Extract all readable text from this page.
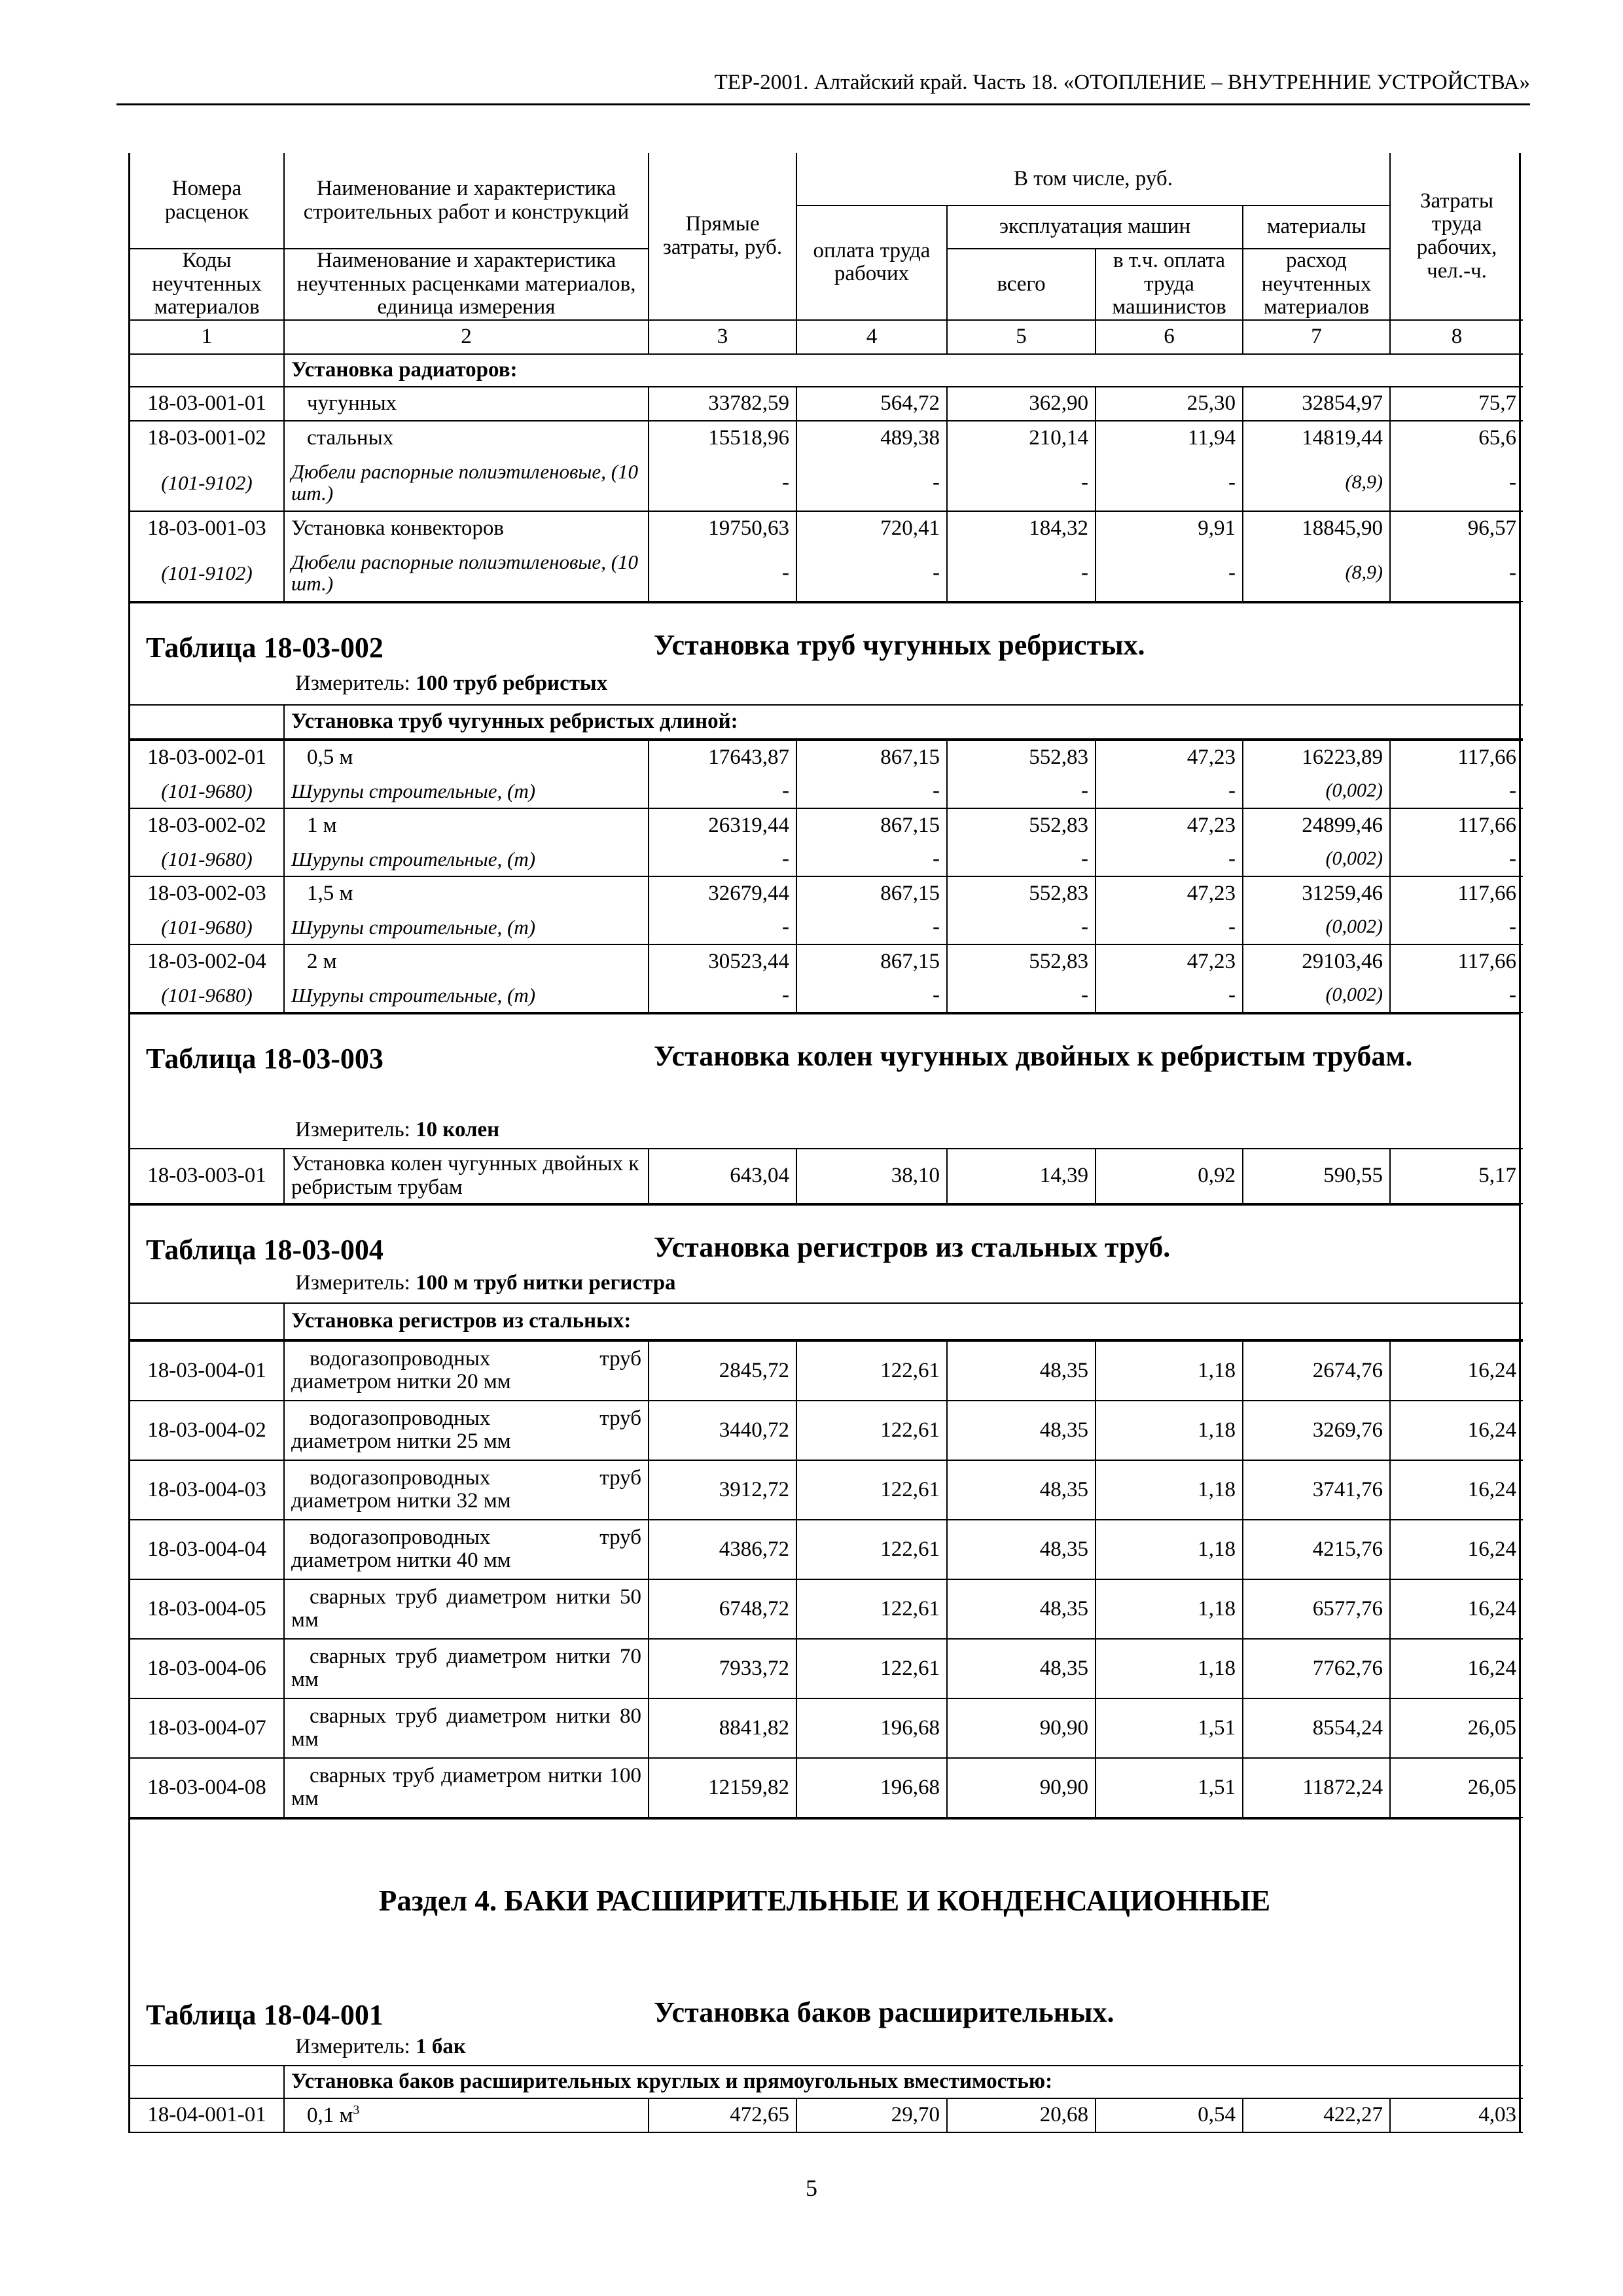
ТЕР-2001. Алтайский край. Часть 18. «ОТОПЛЕНИЕ – ВНУТРЕННИЕ УСТРОЙСТВА»
Номера расценок	Наименование и характеристика строительных работ и конструкций	Прямые затраты, руб.	В том числе, руб.				Затраты труда рабочих, чел.-ч.
			оплата труда рабочих	эксплуатация машин		материалы	
Коды неучтенных материалов	Наименование и характеристика неучтенных расценками материалов, единица измерения			всего	в т.ч. оплата труда машинистов	расход неучтенных материалов	

1	2	3	4	5	6	7	8
	Установка радиаторов:						
18-03-001-01	чугунных	33782,59	564,72	362,90	25,30	32854,97	75,7
18-03-001-02	стальных	15518,96	489,38	210,14	11,94	14819,44	65,6
(101-9102)	Дюбели распорные полиэтиленовые, (10 шт.)	-	-	-	-	(8,9)	-
18-03-001-03	Установка конвекторов	19750,63	720,41	184,32	9,91	18845,90	96,57
(101-9102)	Дюбели распорные полиэтиленовые, (10 шт.)	-	-	-	-	(8,9)	-
Таблица 18-03-002	Установка труб чугунных ребристых.
Измеритель: 100 труб ребристых
	Установка труб чугунных ребристых длиной:
18-03-002-01	0,5 м	17643,87	867,15	552,83	47,23	16223,89	117,66
(101-9680)	Шурупы строительные, (т)	-	-	-	-	(0,002)	-
18-03-002-02	1 м	26319,44	867,15	552,83	47,23	24899,46	117,66
(101-9680)	Шурупы строительные, (т)	-	-	-	-	(0,002)	-
18-03-002-03	1,5 м	32679,44	867,15	552,83	47,23	31259,46	117,66
(101-9680)	Шурупы строительные, (т)	-	-	-	-	(0,002)	-
18-03-002-04	2 м	30523,44	867,15	552,83	47,23	29103,46	117,66
(101-9680)	Шурупы строительные, (т)	-	-	-	-	(0,002)	-
Таблица 18-03-003	Установка колен чугунных двойных к ребристым трубам.
Измеритель: 10 колен
18-03-003-01	Установка колен чугунных двойных к ребристым трубам	643,04	38,10	14,39	0,92	590,55	5,17
Таблица 18-03-004	Установка регистров из стальных труб.
Измеритель: 100 м труб нитки регистра
	Установка регистров из стальных:
18-03-004-01	водогазопроводных труб диаметром нитки 20 мм	2845,72	122,61	48,35	1,18	2674,76	16,24
18-03-004-02	водогазопроводных труб диаметром нитки 25 мм	3440,72	122,61	48,35	1,18	3269,76	16,24
18-03-004-03	водогазопроводных труб диаметром нитки 32 мм	3912,72	122,61	48,35	1,18	3741,76	16,24
18-03-004-04	водогазопроводных труб диаметром нитки 40 мм	4386,72	122,61	48,35	1,18	4215,76	16,24
18-03-004-05	сварных труб диаметром нитки 50 мм	6748,72	122,61	48,35	1,18	6577,76	16,24
18-03-004-06	сварных труб диаметром нитки 70 мм	7933,72	122,61	48,35	1,18	7762,76	16,24
18-03-004-07	сварных труб диаметром нитки 80 мм	8841,82	196,68	90,90	1,51	8554,24	26,05
18-03-004-08	сварных труб диаметром нитки 100 мм	12159,82	196,68	90,90	1,51	11872,24	26,05
Раздел 4. БАКИ РАСШИРИТЕЛЬНЫЕ И КОНДЕНСАЦИОННЫЕ
Таблица 18-04-001	Установка баков расширительных.
Измеритель: 1 бак
	Установка баков расширительных круглых и прямоугольных вместимостью:						
18-04-001-01	0,1 $м^3$	472,65	29,70	20,68	0,54	422,27	4,03
5
